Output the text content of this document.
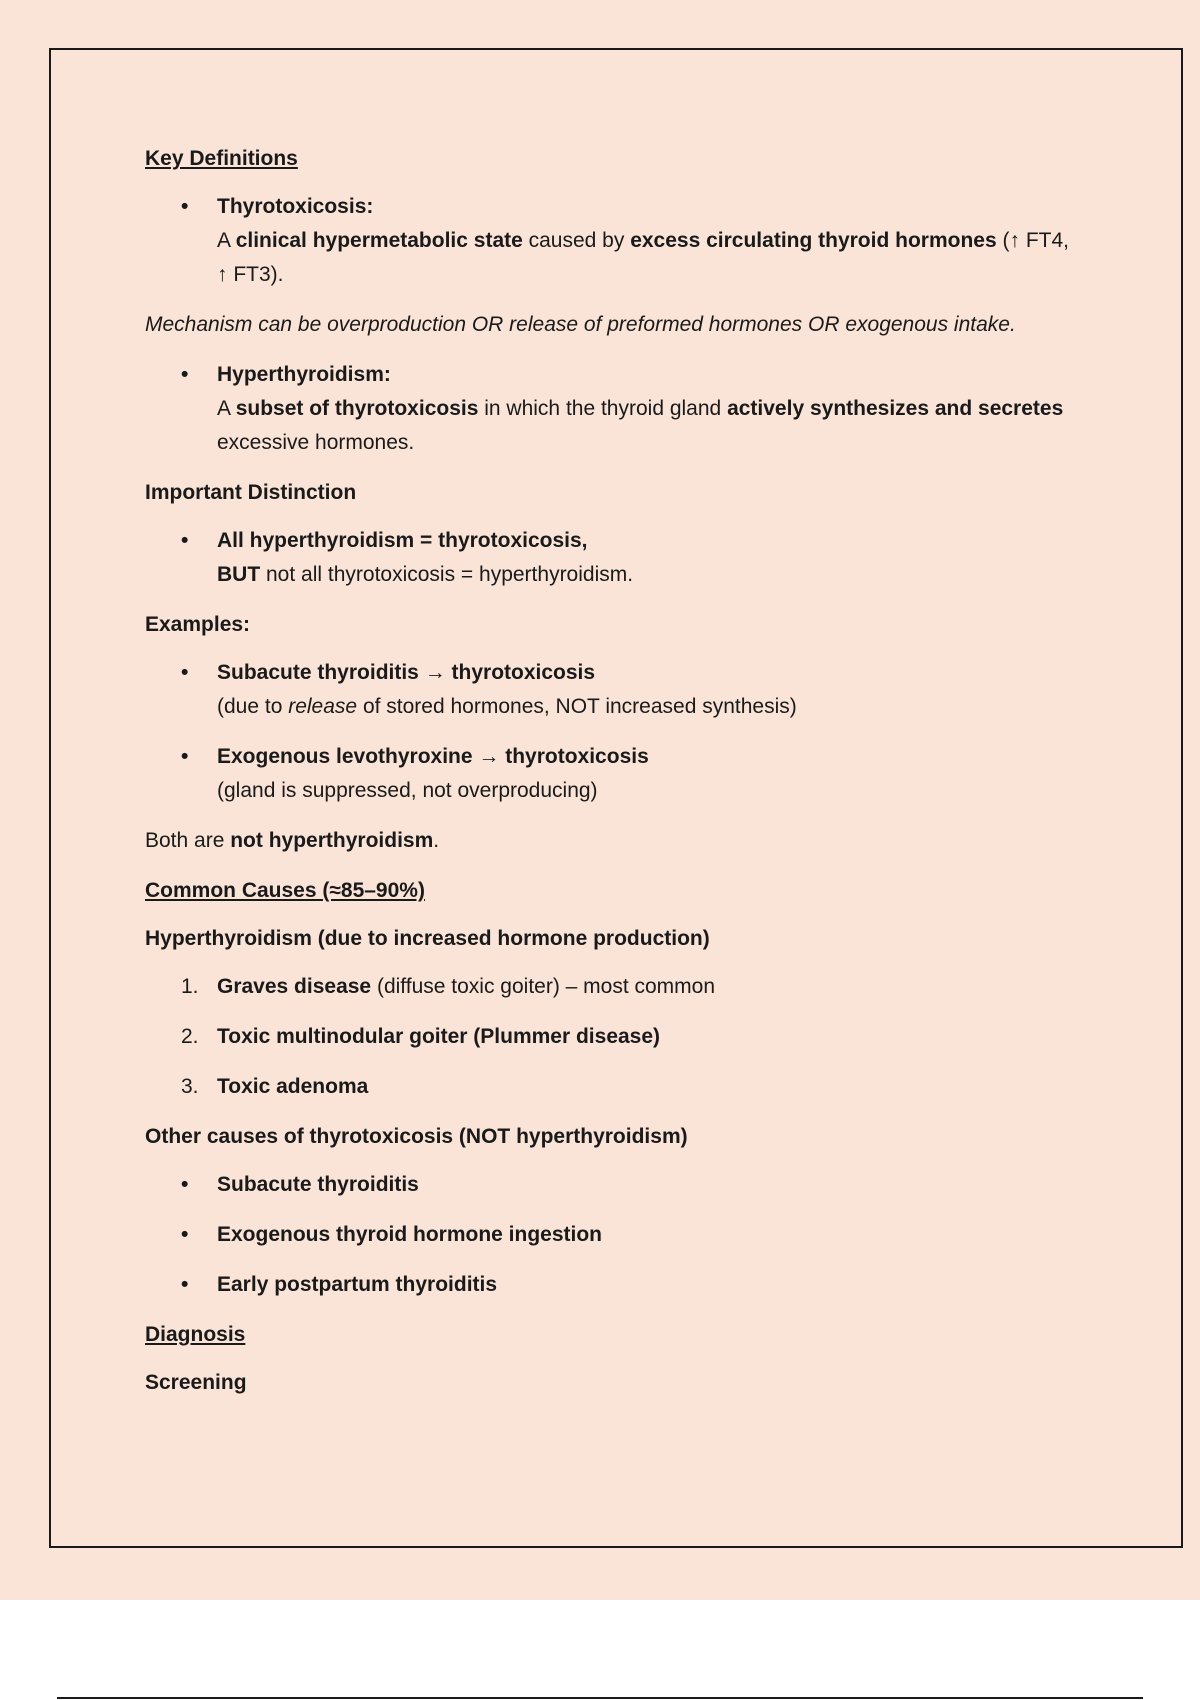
Key Definitions
• Thyrotoxicosis:
A clinical hypermetabolic state caused by excess circulating thyroid hormones (↑ FT4,
↑ FT3).

Mechanism can be overproduction OR release of preformed hormones OR exogenous intake.

• Hyperthyroidism:
A subset of thyrotoxicosis in which the thyroid gland actively synthesizes and secretes
excessive hormones.
Important Distinction
• All hyperthyroidism = thyrotoxicosis,
BUT not all thyrotoxicosis = hyperthyroidism.
Examples:
• Subacute thyroiditis → thyrotoxicosis
(due to release of stored hormones, NOT increased synthesis)
• Exogenous levothyroxine → thyrotoxicosis
(gland is suppressed, not overproducing)

Both are not hyperthyroidism.

Common Causes (≈85–90%)
Hyperthyroidism (due to increased hormone production)
1. Graves disease (diffuse toxic goiter) – most common
2. Toxic multinodular goiter (Plummer disease)
3. Toxic adenoma
Other causes of thyrotoxicosis (NOT hyperthyroidism)
• Subacute thyroiditis
• Exogenous thyroid hormone ingestion
• Early postpartum thyroiditis
Diagnosis
Screening
